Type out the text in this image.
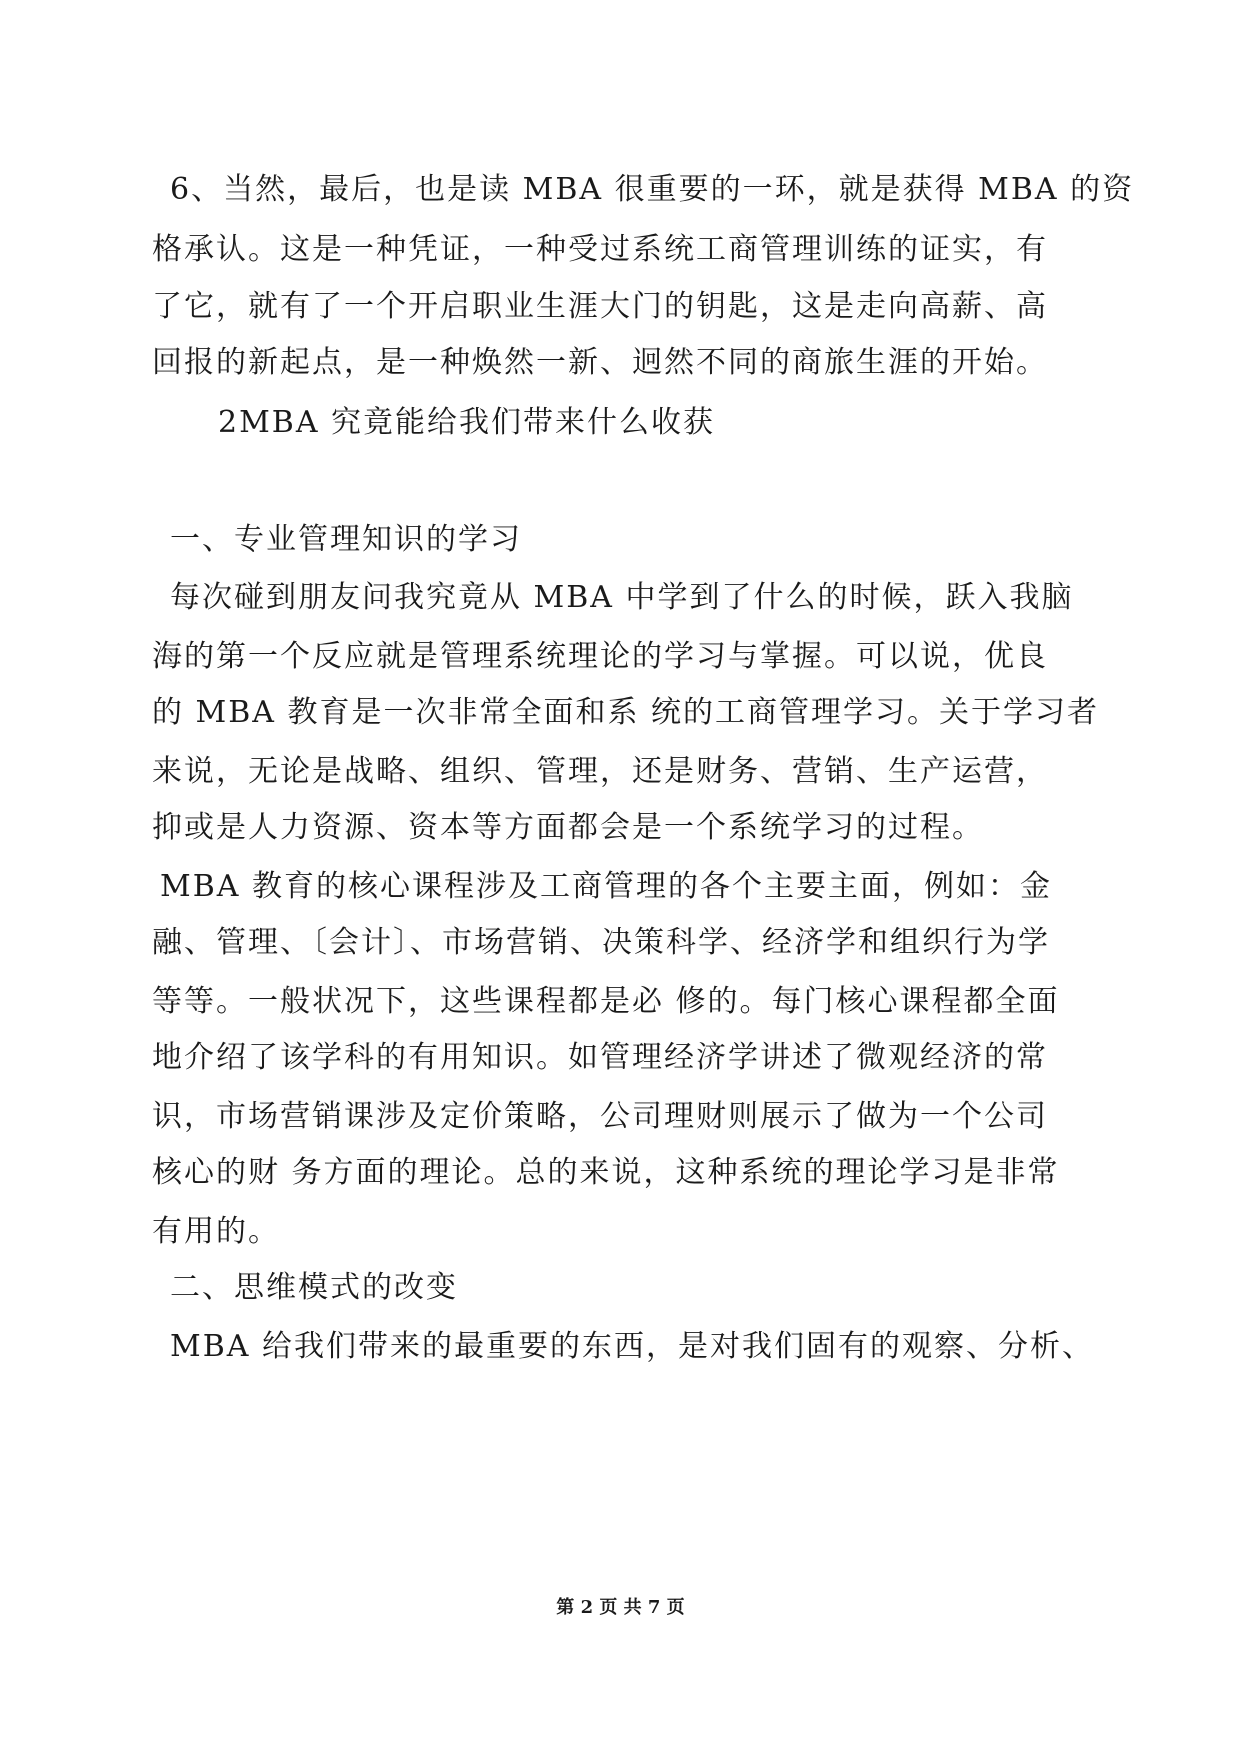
6、当然，最后，也是读 MBA 很重要的一环，就是获得 MBA 的资
格承认。这是一种凭证，一种受过系统工商管理训练的证实，有
了它，就有了一个开启职业生涯大门的钥匙，这是走向高薪、高
回报的新起点，是一种焕然一新、迥然不同的商旅生涯的开始。
2MBA 究竟能给我们带来什么收获
一、专业管理知识的学习
每次碰到朋友问我究竟从 MBA 中学到了什么的时候，跃入我脑
海的第一个反应就是管理系统理论的学习与掌握。可以说，优良
的 MBA 教育是一次非常全面和系 统的工商管理学习。关于学习者
来说，无论是战略、组织、管理，还是财务、营销、生产运营，
抑或是人力资源、资本等方面都会是一个系统学习的过程。
MBA 教育的核心课程涉及工商管理的各个主要主面，例如：金
融、管理、〔会计〕、市场营销、决策科学、经济学和组织行为学
等等。一般状况下，这些课程都是必 修的。每门核心课程都全面
地介绍了该学科的有用知识。如管理经济学讲述了微观经济的常
识，市场营销课涉及定价策略，公司理财则展示了做为一个公司
核心的财 务方面的理论。总的来说，这种系统的理论学习是非常
有用的。
二、思维模式的改变
MBA 给我们带来的最重要的东西，是对我们固有的观察、分析、
第 2 页 共 7 页
